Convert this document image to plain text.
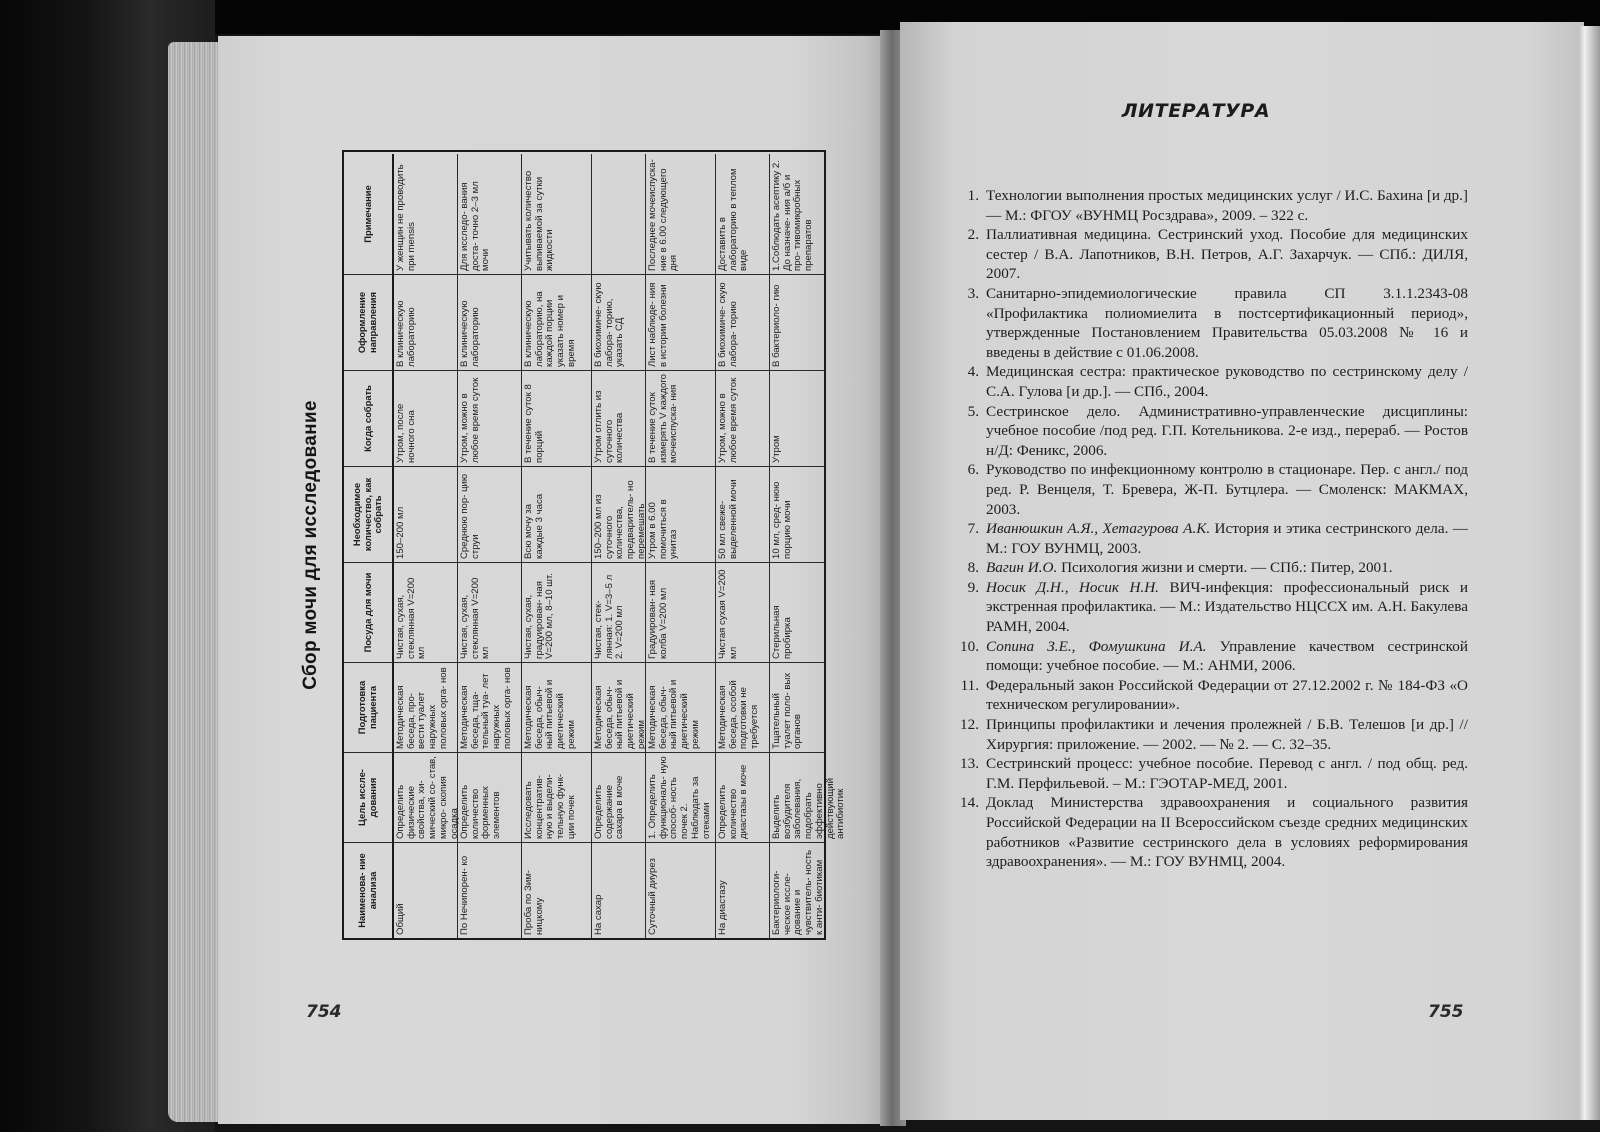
Сбор мочи для исследование
Наименова- ние анализа
Цель иссле- дования
Подготовка пациента
Посуда для мочи
Необходимое количество, как собрать
Когда собрать
Оформление направления
Примечание
Общий
Определить физические свойства, хи- мический со- став, микро- скопия осадка
Методическая беседа, про- вести туалет наружных половых орга- нов
Чистая, сухая, стеклянная V=200 мл
150–200 мл
Утром, после ночного сна
В клиническую лабораторию
У женщин не проводить при mensis
По Нечипорен- ко
Определить количество форменных элементов
Методическая беседа, тща- тельный туа- лет наружных половых орга- нов
Чистая, сухая, стеклянная V=200 мл
Среднюю пор- цию струи
Утром, можно в любое время суток
В клиническую лабораторию
Для исследо- вания доста- точно 2–3 мл мочи
Проба по Зим- ницкому
Исследовать концентратив- ную и выдели- тельную функ- ции почек
Методическая беседа, обыч- ный питьевой и диетический режим
Чистая, сухая, градуирован- ная V=200 мл, 8–10 шт.
Всю мочу за каждые 3 часа
В течение суток 8 порций
В клиническую лабораторию, на каждой порции указать номер и время
Учитывать количество выпиваемой за сутки жидкости
На сахар
Определить содержание сахара в моче
Методическая беседа, обыч- ный питьевой и диетический режим
Чистая, стек- лянная: 1. V=3–5 л 2. V=200 мл
150–200 мл из суточного количества, предваритель- но перемешать
Утром отлить из суточного количества
В биохимиче- скую лабора- торию, указать СД
Суточный диурез
1. Определить функциональ- ную способ- ность почек 2. Наблюдать за отеками
Методическая беседа, обыч- ный питьевой и диетический режим
Градуирован- ная колба V=200 мл
Утром в 6.00 помочиться в унитаз
В течение суток измерять V каждого мочеиспуска- ния
Лист наблюде- ния в истории болезни
Последнее мочеиспуска- ние в 6.00 следующего дня
На диастазу
Определить количество диастазы в моче
Методическая беседа, особой подготовки не требуется
Чистая сухая V=200 мл
50 мл свеже- выделенной мочи
Утром, можно в любое время суток
В биохимиче- скую лабора- торию
Доставить в лабораторию в теплом виде
Бактериологи- ческое иссле- дование и чувствитель- ность к анти- биотикам
Выделить возбудителя заболевания, подобрать эффективно действующий антибиотик
Тщательный туалет поло- вых органов
Стерильная пробирка
10 мл, сред- нюю порцию мочи
Утром
В бактериоло- гию
1.Соблюдать асептику 2. До назначе- ния а/б и про- тивомикробных препаратов
754
ЛИТЕРАТУРА
1. Технологии выполнения простых медицинских услуг / И.С. Бахина [и др.] — М.: ФГОУ «ВУНМЦ Росздрава», 2009. – 322 с.
2. Паллиативная медицина. Сестринский уход. Пособие для медицинских сестер / В.А. Лапотников, В.Н. Петров, А.Г. Захарчук. — СПб.: ДИЛЯ, 2007.
3. Санитарно-эпидемиологические правила СП 3.1.1.2343-08 «Профилактика полиомиелита в постсертификационный период», утвержденные Постановлением Правительства 05.03.2008 № 16 и введены в действие с 01.06.2008.
4. Медицинская сестра: практическое руководство по сестринскому делу / С.А. Гулова [и др.]. — СПб., 2004.
5. Сестринское дело. Административно-управленческие дисциплины: учебное пособие /под ред. Г.П. Котельникова. 2-е изд., перераб. — Ростов н/Д: Феникс, 2006.
6. Руководство по инфекционному контролю в стационаре. Пер. с англ./ под ред. Р. Венцеля, Т. Бревера, Ж-П. Бутцлера. — Смоленск: МАКМАХ, 2003.
7. Иванюшкин А.Я., Хетагурова А.К. История и этика сестринского дела. — М.: ГОУ ВУНМЦ, 2003.
8. Вагин И.О. Психология жизни и смерти. — СПб.: Питер, 2001.
9. Носик Д.Н., Носик Н.Н. ВИЧ-инфекция: профессиональный риск и экстренная профилактика. — М.: Издательство НЦССХ им. А.Н. Бакулева РАМН, 2004.
10. Сопина З.Е., Фомушкина И.А. Управление качеством сестринской помощи: учебное пособие. — М.: АНМИ, 2006.
11. Федеральный закон Российской Федерации от 27.12.2002 г. № 184-ФЗ «О техническом регулировании».
12. Принципы профилактики и лечения пролежней / Б.В. Телешов [и др.] // Хирургия: приложение. — 2002. — № 2. — С. 32–35.
13. Сестринский процесс: учебное пособие. Перевод с англ. / под общ. ред. Г.М. Перфильевой. – М.: ГЭОТАР-МЕД, 2001.
14. Доклад Министерства здравоохранения и социального развития Российской Федерации на II Всероссийском съезде средних медицинских работников «Развитие сестринского дела в условиях реформирования здравоохранения». — М.: ГОУ ВУНМЦ, 2004.
755
